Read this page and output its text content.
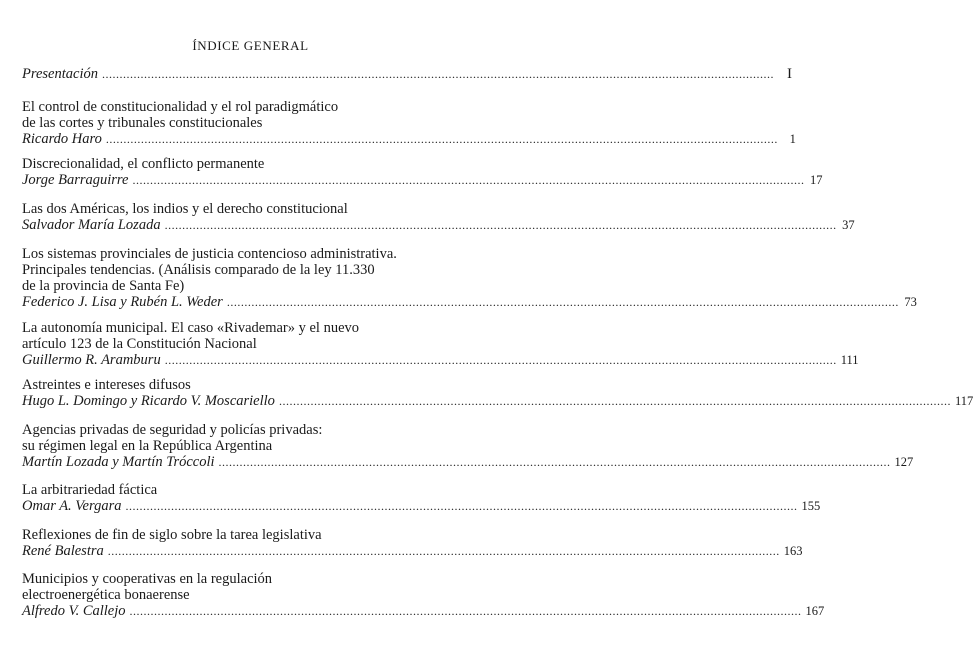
ÍNDICE GENERAL
Presentación ................................................................................................................................................................................................ I
El control de constitucionalidad y el rol paradigmático
de las cortes y tribunales constitucionales
Ricardo Haro ................................................................................................................................................................................................ 1
Discrecionalidad, el conflicto permanente
Jorge Barraguirre ................................................................................................................................................................................................ 17
Las dos Américas, los indios y el derecho constitucional
Salvador María Lozada ................................................................................................................................................................................................ 37
Los sistemas provinciales de justicia contencioso administrativa.
Principales tendencias. (Análisis comparado de la ley 11.330
de la provincia de Santa Fe)
Federico J. Lisa y Rubén L. Weder ................................................................................................................................................................................................ 73
La autonomía municipal. El caso «Rivademar» y el nuevo
artículo 123 de la Constitución Nacional
Guillermo R. Aramburu ................................................................................................................................................................................................ 111
Astreintes e intereses difusos
Hugo L. Domingo y Ricardo V. Moscariello ................................................................................................................................................................................................ 117
Agencias privadas de seguridad y policías privadas:
su régimen legal en la República Argentina
Martín Lozada y Martín Tróccoli ................................................................................................................................................................................................ 127
La arbitrariedad fáctica
Omar A. Vergara ................................................................................................................................................................................................ 155
Reflexiones de fin de siglo sobre la tarea legislativa
René Balestra ................................................................................................................................................................................................ 163
Municipios y cooperativas en la regulación
electroenergética bonaerense
Alfredo V. Callejo ................................................................................................................................................................................................ 167
